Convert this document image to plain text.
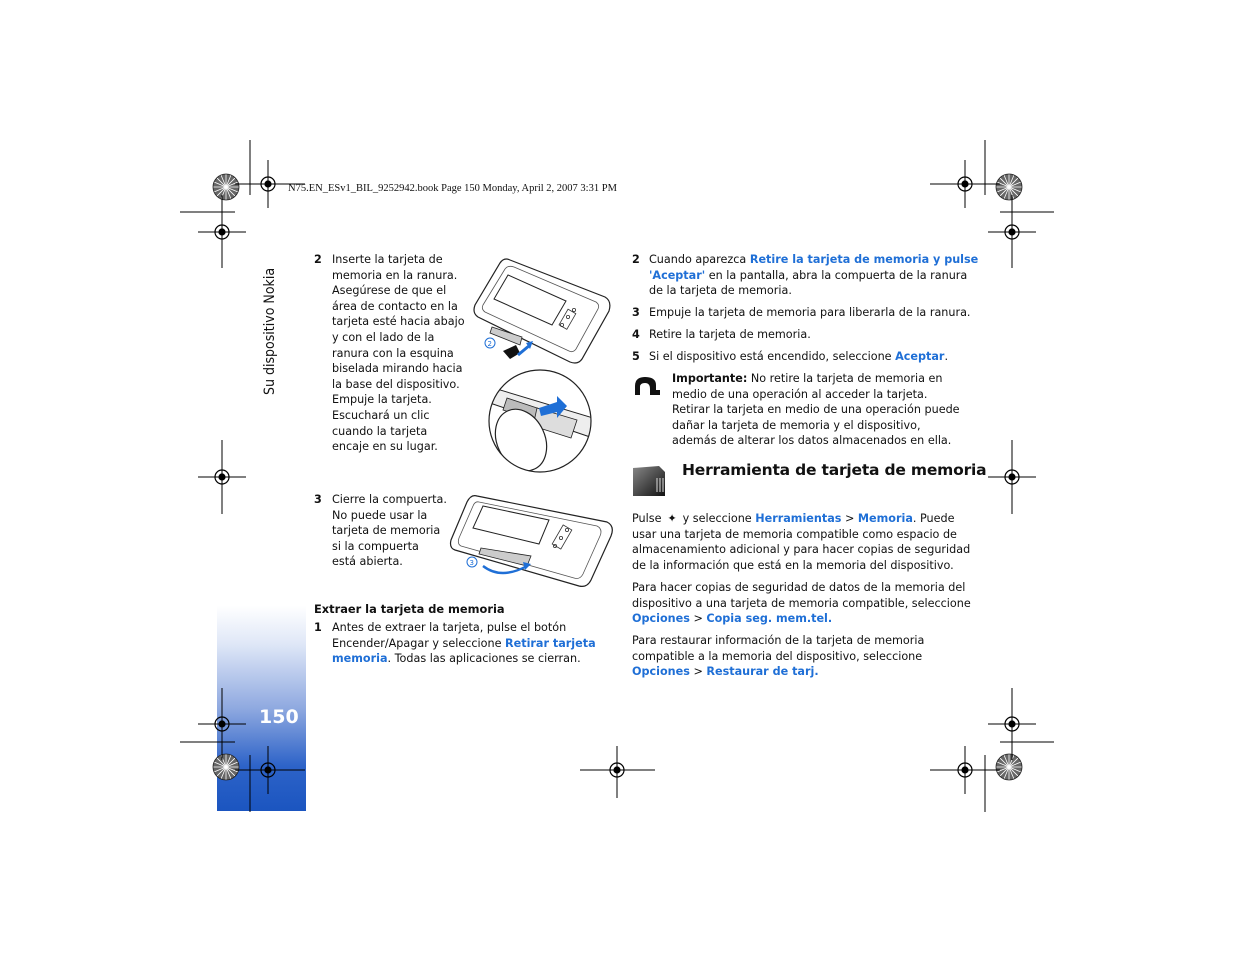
Su dispositivo Nokia
150
N75.EN_ESv1_BIL_9252942.book Page 150 Monday, April 2, 2007 3:31 PM
2 Inserte la tarjeta de
memoria en la ranura.
Asegúrese de que el
área de contacto en la
tarjeta esté hacia abajo
y con el lado de la
ranura con la esquina
biselada mirando hacia
la base del dispositivo.
Empuje la tarjeta.
Escuchará un clic
cuando la tarjeta
encaje en su lugar.
2
3 Cierre la compuerta.
No puede usar la
tarjeta de memoria
si la compuerta
está abierta.	3
Extraer la tarjeta de memoria
1 Antes de extraer la tarjeta, pulse el botón
Encender/Apagar y seleccione Retirar tarjeta
memoria. Todas las aplicaciones se cierran.
2 Cuando aparezca Retire la tarjeta de memoria y pulse
'Aceptar' en la pantalla, abra la compuerta de la ranura
de la tarjeta de memoria.
3 Empuje la tarjeta de memoria para liberarla de la ranura.
4 Retire la tarjeta de memoria.
5 Si el dispositivo está encendido, seleccione Aceptar.
Importante: No retire la tarjeta de memoria en
medio de una operación al acceder la tarjeta.
Retirar la tarjeta en medio de una operación puede
dañar la tarjeta de memoria y el dispositivo,
además de alterar los datos almacenados en ella.
Herramienta de tarjeta de memoria
Pulse ✦ y seleccione Herramientas > Memoria. Puede
usar una tarjeta de memoria compatible como espacio de
almacenamiento adicional y para hacer copias de seguridad
de la información que está en la memoria del dispositivo.
Para hacer copias de seguridad de datos de la memoria del
dispositivo a una tarjeta de memoria compatible, seleccione
Opciones > Copia seg. mem.tel.
Para restaurar información de la tarjeta de memoria
compatible a la memoria del dispositivo, seleccione
Opciones > Restaurar de tarj.
